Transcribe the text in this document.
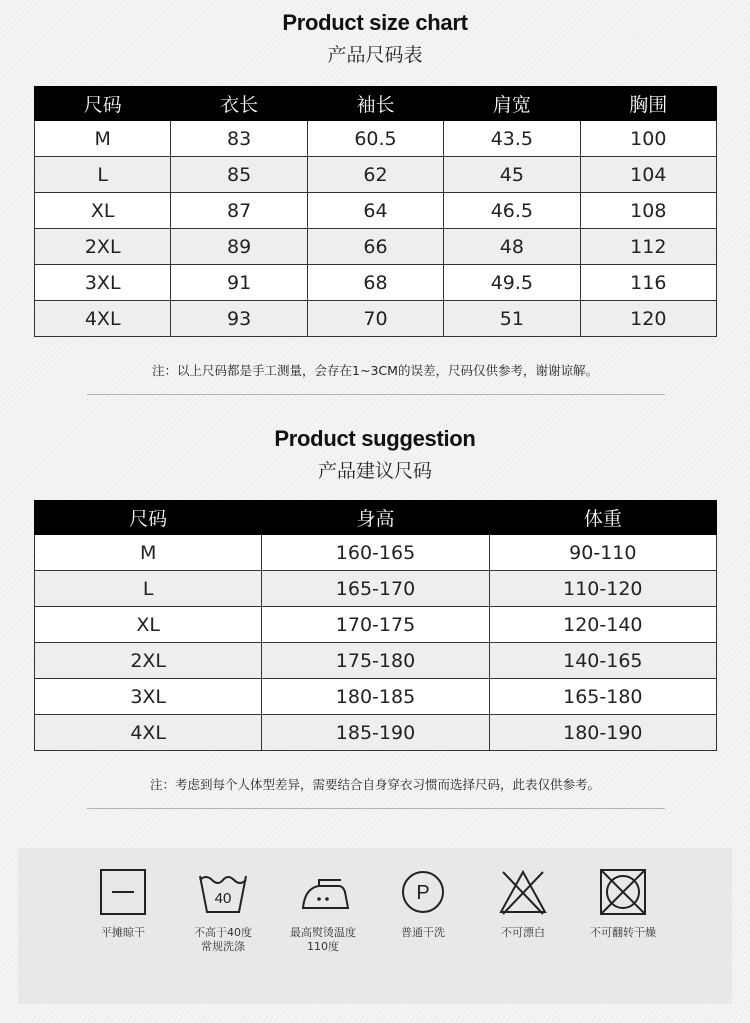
Product size chart
产品尺码表
尺码	衣长	袖长	肩宽	胸围
M	83	60.5	43.5	100
L	85	62	45	104
XL	87	64	46.5	108
2XL	89	66	48	112
3XL	91	68	49.5	116
4XL	93	70	51	120
注：以上尺码都是手工测量，会存在1~3CM的误差，尺码仅供参考，谢谢谅解。
Product suggestion
产品建议尺码
尺码	身高	体重
M	160-165	90-110
L	165-170	110-120
XL	170-175	120-140
2XL	175-180	140-165
3XL	180-185	165-180
4XL	185-190	180-190
注：考虑到每个人体型差异，需要结合自身穿衣习惯而选择尺码，此表仅供参考。
平摊晾干
40
不高于40度
常规洗涤
最高熨烫温度
110度
P
普通干洗	不可漂白	不可翻转干燥
